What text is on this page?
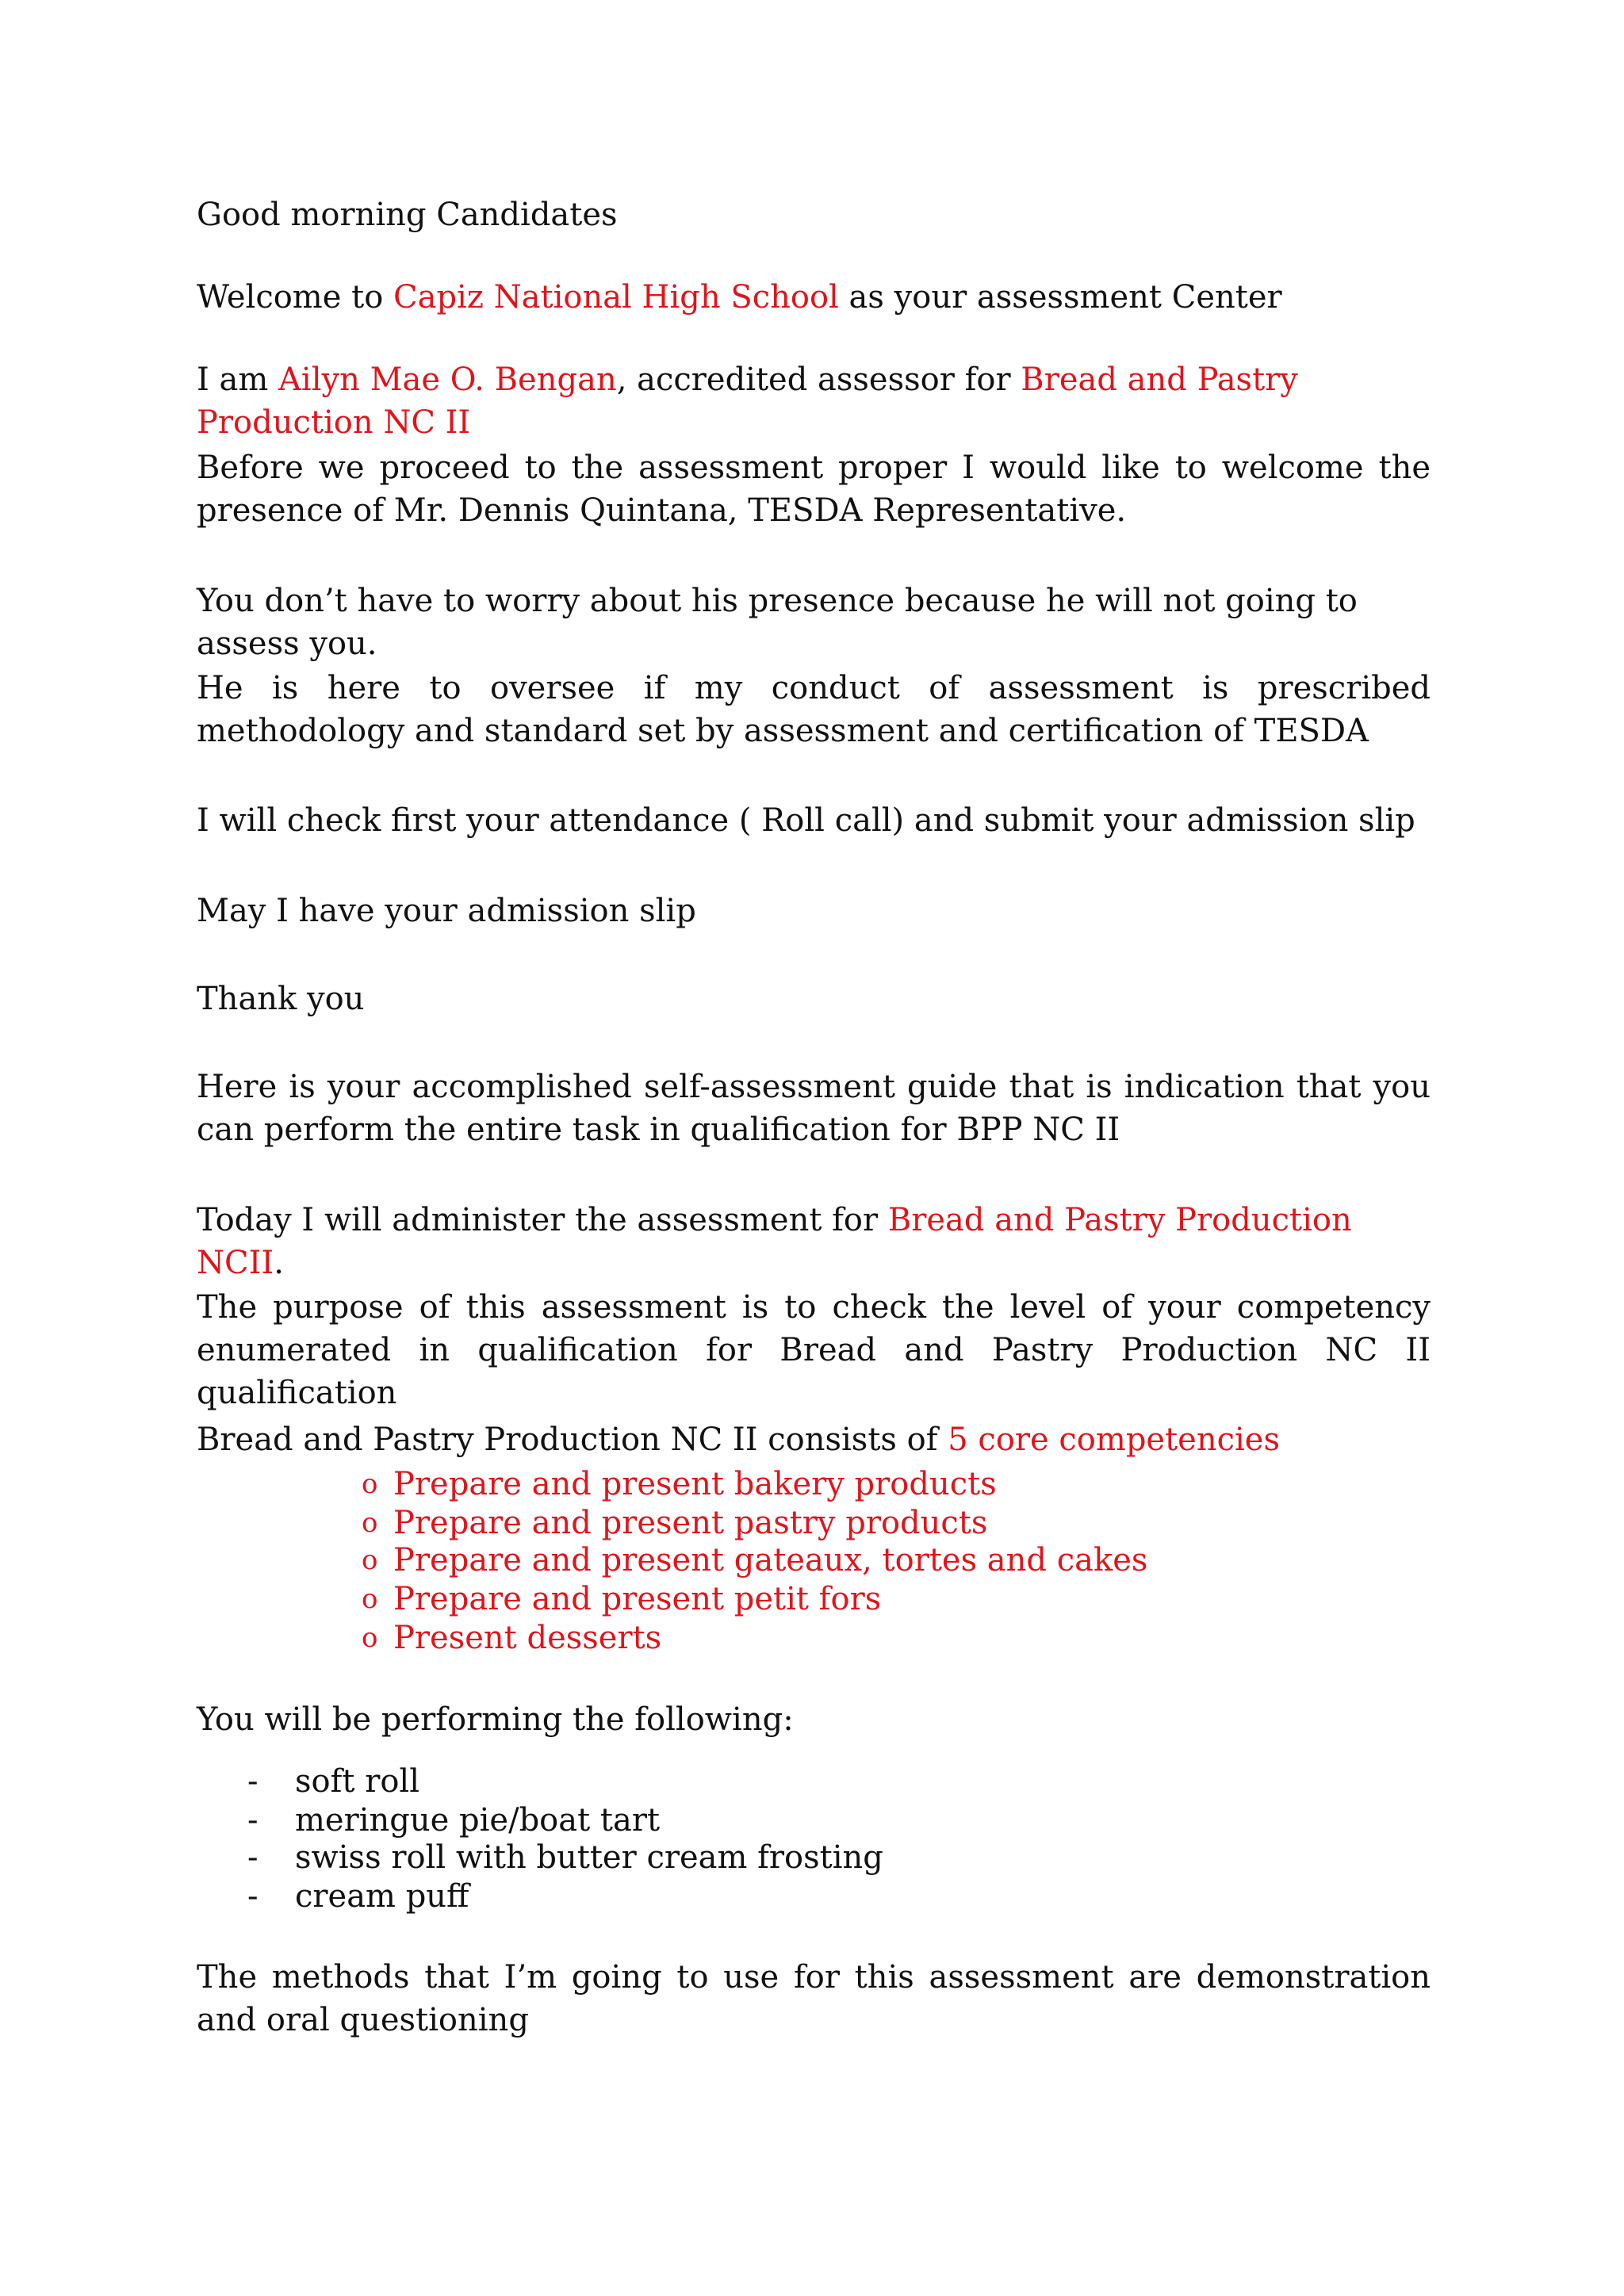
Good morning Candidates

Welcome to Capiz National High School as your assessment Center

I am Ailyn Mae O. Bengan, accredited assessor for Bread and Pastry Production NC II

Before we proceed to the assessment proper I would like to welcome the presence of Mr. Dennis Quintana, TESDA Representative.

You don’t have to worry about his presence because he will not going to assess you.

He is here to oversee if my conduct of assessment is prescribed methodology and standard set by assessment and certification of TESDA

I will check first your attendance ( Roll call) and submit your admission slip

May I have your admission slip

Thank you

Here is your accomplished self-assessment guide that is indication that you can perform the entire task in qualification for BPP NC II

Today I will administer the assessment for Bread and Pastry Production NCII.

The purpose of this assessment is to check the level of your competency enumerated in qualification for Bread and Pastry Production NC II qualification

Bread and Pastry Production NC II consists of 5 core competencies

o Prepare and present bakery products
o Prepare and present pastry products
o Prepare and present gateaux, tortes and cakes
o Prepare and present petit fors
o Present desserts

You will be performing the following:

- soft roll
- meringue pie/boat tart
- swiss roll with butter cream frosting
- cream puff

The methods that I’m going to use for this assessment are demonstration and oral questioning
